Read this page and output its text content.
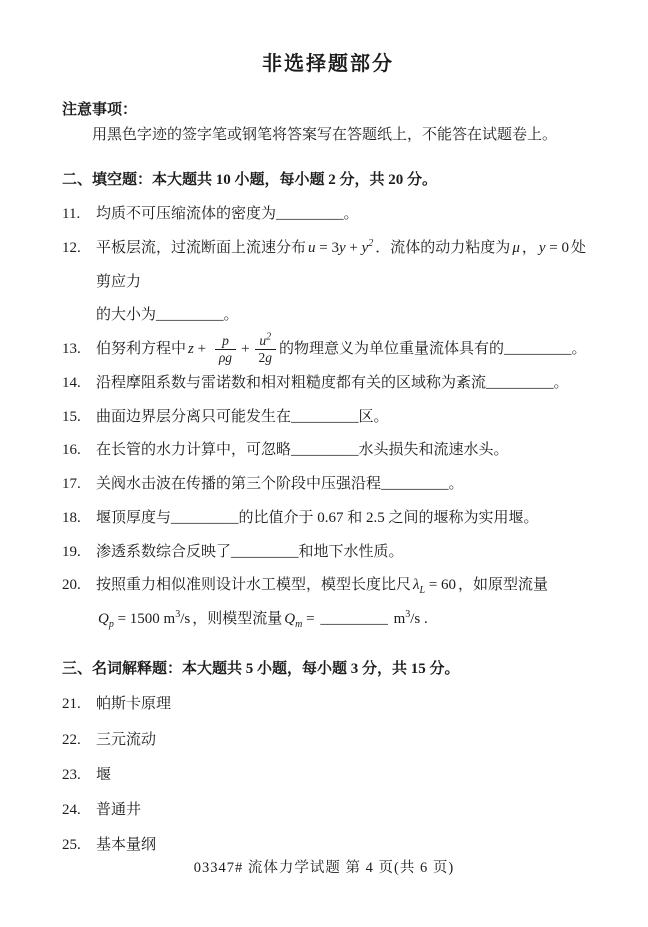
非选择题部分
注意事项：
用黑色字迹的签字笔或钢笔将答案写在答题纸上，不能答在试题卷上。
二、填空题：本大题共 10 小题，每小题 2 分，共 20 分。
11.	均质不可压缩流体的密度为_________。
12.	平板层流，过流断面上流速分布 $u = 3y + y^2$ ．流体的动力粘度为 μ ， y = 0 处剪应力
的大小为_________。
13.	伯努利方程中 $z + \frac{p}{\rho g} + \frac{u^2}{2g}$ 的物理意义为单位重量流体具有的_________。
14.	沿程摩阻系数与雷诺数和相对粗糙度都有关的区域称为紊流_________。
15.	曲面边界层分离只可能发生在_________区。
16.	在长管的水力计算中，可忽略_________水头损失和流速水头。
17.	关阀水击波在传播的第三个阶段中压强沿程_________。
18.	堰顶厚度与_________的比值介于 0.67 和 2.5 之间的堰称为实用堰。
19.	渗透系数综合反映了_________和地下水性质。
20.	按照重力相似准则设计水工模型，模型长度比尺 $\lambda_L = 60$ ，如原型流量
$Q_p = 1500$ $m^3/s$ ，则模型流量 $Q_m$ = _________ $m^3/s$ .
三、名词解释题：本大题共 5 小题，每小题 3 分，共 15 分。
21.	帕斯卡原理
22.	三元流动
23.	堰
24.	普通井
25.	基本量纲
03347# 流体力学试题 第 4 页(共 6 页)
